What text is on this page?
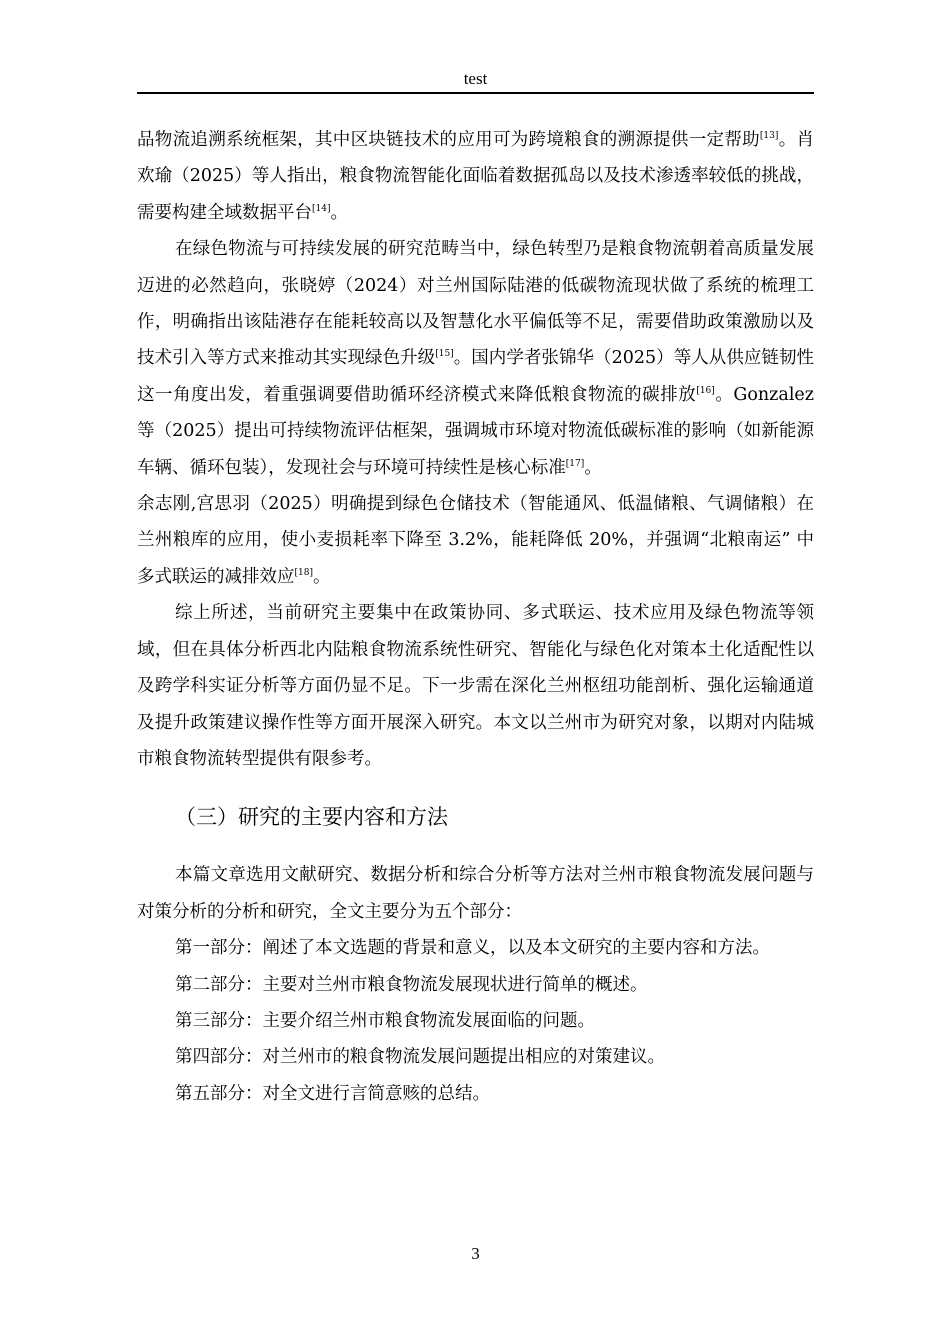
test

品物流追溯系统框架，其中区块链技术的应用可为跨境粮食的溯源提供一定帮助[13]。肖欢瑜（2025）等人指出，粮食物流智能化面临着数据孤岛以及技术渗透率较低的挑战，需要构建全域数据平台[14]。

在绿色物流与可持续发展的研究范畴当中，绿色转型乃是粮食物流朝着高质量发展迈进的必然趋向，张晓婷（2024）对兰州国际陆港的低碳物流现状做了系统的梳理工作，明确指出该陆港存在能耗较高以及智慧化水平偏低等不足，需要借助政策激励以及技术引入等方式来推动其实现绿色升级[15]。国内学者张锦华（2025）等人从供应链韧性这一角度出发，着重强调要借助循环经济模式来降低粮食物流的碳排放[16]。Gonzalez 等（2025）提出可持续物流评估框架，强调城市环境对物流低碳标准的影响（如新能源车辆、循环包装），发现社会与环境可持续性是核心标准[17]。

余志刚,宫思羽（2025）明确提到绿色仓储技术（智能通风、低温储粮、气调储粮）在兰州粮库的应用，使小麦损耗率下降至 3.2%，能耗降低 20%，并强调“北粮南运” 中多式联运的减排效应[18]。

综上所述，当前研究主要集中在政策协同、多式联运、技术应用及绿色物流等领域，但在具体分析西北内陆粮食物流系统性研究、智能化与绿色化对策本土化适配性以及跨学科实证分析等方面仍显不足。下一步需在深化兰州枢纽功能剖析、强化运输通道及提升政策建议操作性等方面开展深入研究。本文以兰州市为研究对象，以期对内陆城市粮食物流转型提供有限参考。

（三）研究的主要内容和方法

本篇文章选用文献研究、数据分析和综合分析等方法对兰州市粮食物流发展问题与对策分析的分析和研究，全文主要分为五个部分：

第一部分：阐述了本文选题的背景和意义，以及本文研究的主要内容和方法。

第二部分：主要对兰州市粮食物流发展现状进行简单的概述。

第三部分：主要介绍兰州市粮食物流发展面临的问题。

第四部分：对兰州市的粮食物流发展问题提出相应的对策建议。

第五部分：对全文进行言简意赅的总结。

3
